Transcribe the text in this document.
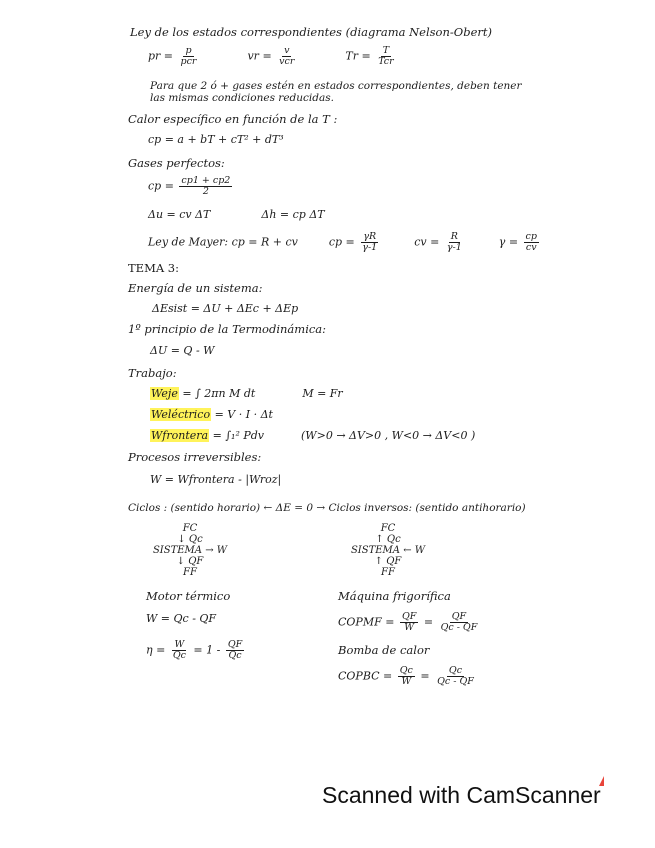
Ley de los estados correspondientes (diagrama Nelson-Obert)
pr = $\frac{p}{\text{pcr}}$	vr = $\frac{v}{\text{vcr}}$	$Tr = \frac{T}{\text{Tcr}}$
Para que 2 ó + gases estén en estados correspondientes, deben tener
las mismas condiciones reducidas.
Calor específico en función de la T :
cp = a + bT + cT² + dT³
Gases perfectos:
cp = $\frac{cp1 + cp2}{2}$
Δu = cv ΔT	Δh = cp ΔT
Ley de Mayer: cp = R + cv	cp = $\frac{\gamma R}{\gamma-1}$	cv = $\frac{R}{\gamma-1}$	$\gamma = \frac{cp}{cv}$
TEMA 3:
Energía de un sistema:
ΔEsist = ΔU + ΔEc + ΔEp
1º principio de la Termodinámica:
ΔU = Q - W
Trabajo:
Weje = ∫ 2πn M dt	M = Fr
Weléctrico = V · I · Δt
Wfrontera = ∫₁² Pdv	(W>0 → ΔV>0 , W<0 → ΔV<0 )
Procesos irreversibles:
W = Wfrontera - |Wroz|
Ciclos : (sentido horario) ← ΔE = 0 → Ciclos inversos: (sentido antihorario)
FC
↓ Qc
SISTEMA → W
↓ QF
FF
FC
↑ Qc
SISTEMA ← W
↑ QF
FF
Motor térmico
W = Qc - QF
$\eta = \frac{W}{Qc} = 1 - \frac{QF}{Qc}$
Máquina frigorífica
COPMF = $\frac{QF}{W} = \frac{QF}{Qc - QF}$
Bomba de calor
COPBC = $\frac{Qc}{W} = \frac{Qc}{Qc - QF}$
Scanned with CamScanner
